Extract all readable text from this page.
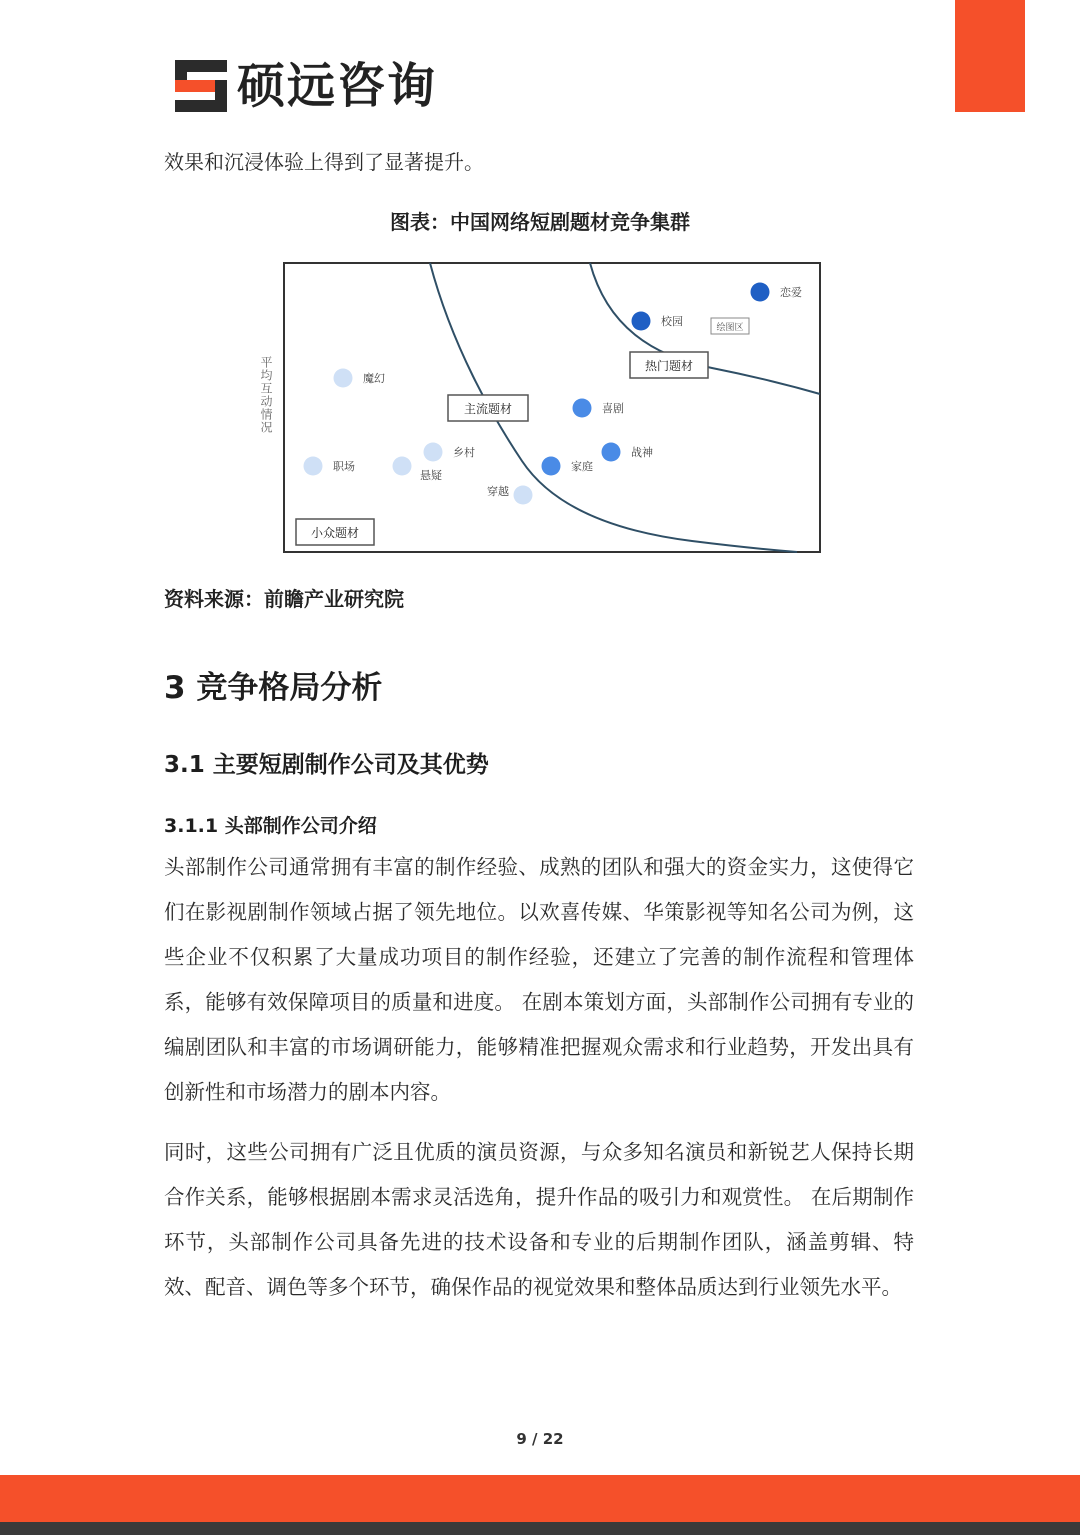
硕远咨询

效果和沉浸体验上得到了显著提升。

图表：中国网络短剧题材竞争集群
平均互动情况
恋爱
校园
喜剧
战神
家庭
魔幻
乡村
职场
悬疑
穿越
热门题材
主流题材
小众题材
绘图区
资料来源：前瞻产业研究院
3 竞争格局分析
3.1 主要短剧制作公司及其优势
3.1.1 头部制作公司介绍

头部制作公司通常拥有丰富的制作经验、成熟的团队和强大的资金实力，这使得它们在影视剧制作领域占据了领先地位。以欢喜传媒、华策影视等知名公司为例，这些企业不仅积累了大量成功项目的制作经验，还建立了完善的制作流程和管理体系，能够有效保障项目的质量和进度。 在剧本策划方面，头部制作公司拥有专业的编剧团队和丰富的市场调研能力，能够精准把握观众需求和行业趋势，开发出具有创新性和市场潜力的剧本内容。

同时，这些公司拥有广泛且优质的演员资源，与众多知名演员和新锐艺人保持长期合作关系，能够根据剧本需求灵活选角，提升作品的吸引力和观赏性。 在后期制作环节，头部制作公司具备先进的技术设备和专业的后期制作团队，涵盖剪辑、特效、配音、调色等多个环节，确保作品的视觉效果和整体品质达到行业领先水平。

9 / 22
